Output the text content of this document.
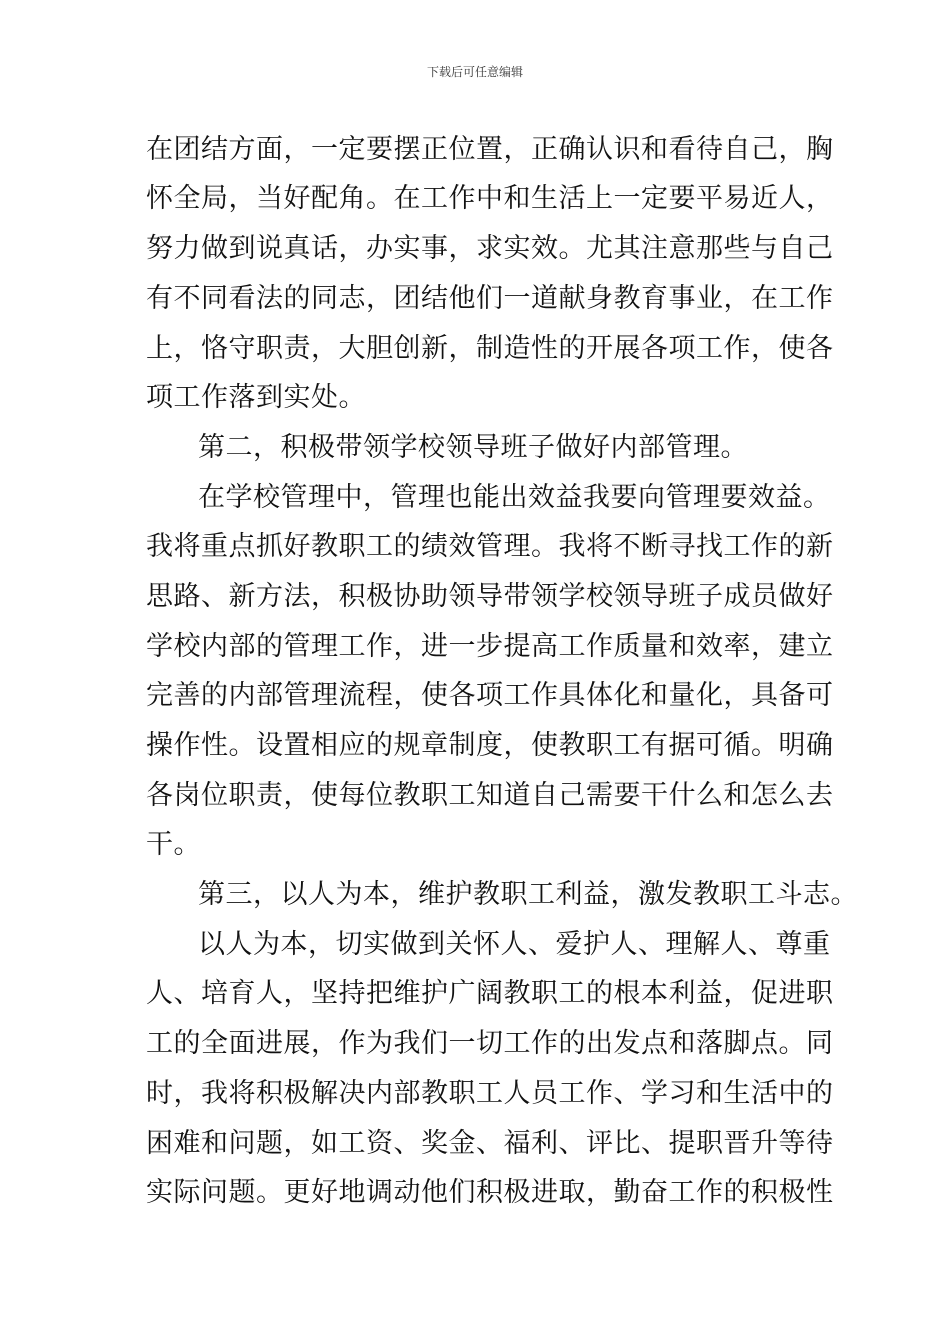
下载后可任意编辑
在团结方面，一定要摆正位置，正确认识和看待自己，胸
怀全局，当好配角。在工作中和生活上一定要平易近人，
努力做到说真话，办实事，求实效。尤其注意那些与自己
有不同看法的同志，团结他们一道献身教育事业，在工作
上，恪守职责，大胆创新，制造性的开展各项工作，使各
项工作落到实处。
第二，积极带领学校领导班子做好内部管理。
在学校管理中，管理也能出效益我要向管理要效益。
我将重点抓好教职工的绩效管理。我将不断寻找工作的新
思路、新方法，积极协助领导带领学校领导班子成员做好
学校内部的管理工作，进一步提高工作质量和效率，建立
完善的内部管理流程，使各项工作具体化和量化，具备可
操作性。设置相应的规章制度，使教职工有据可循。明确
各岗位职责，使每位教职工知道自己需要干什么和怎么去
干。
第三，以人为本，维护教职工利益，激发教职工斗志。
以人为本，切实做到关怀人、爱护人、理解人、尊重
人、培育人，坚持把维护广阔教职工的根本利益，促进职
工的全面进展，作为我们一切工作的出发点和落脚点。同
时，我将积极解决内部教职工人员工作、学习和生活中的
困难和问题，如工资、奖金、福利、评比、提职晋升等待
实际问题。更好地调动他们积极进取，勤奋工作的积极性
